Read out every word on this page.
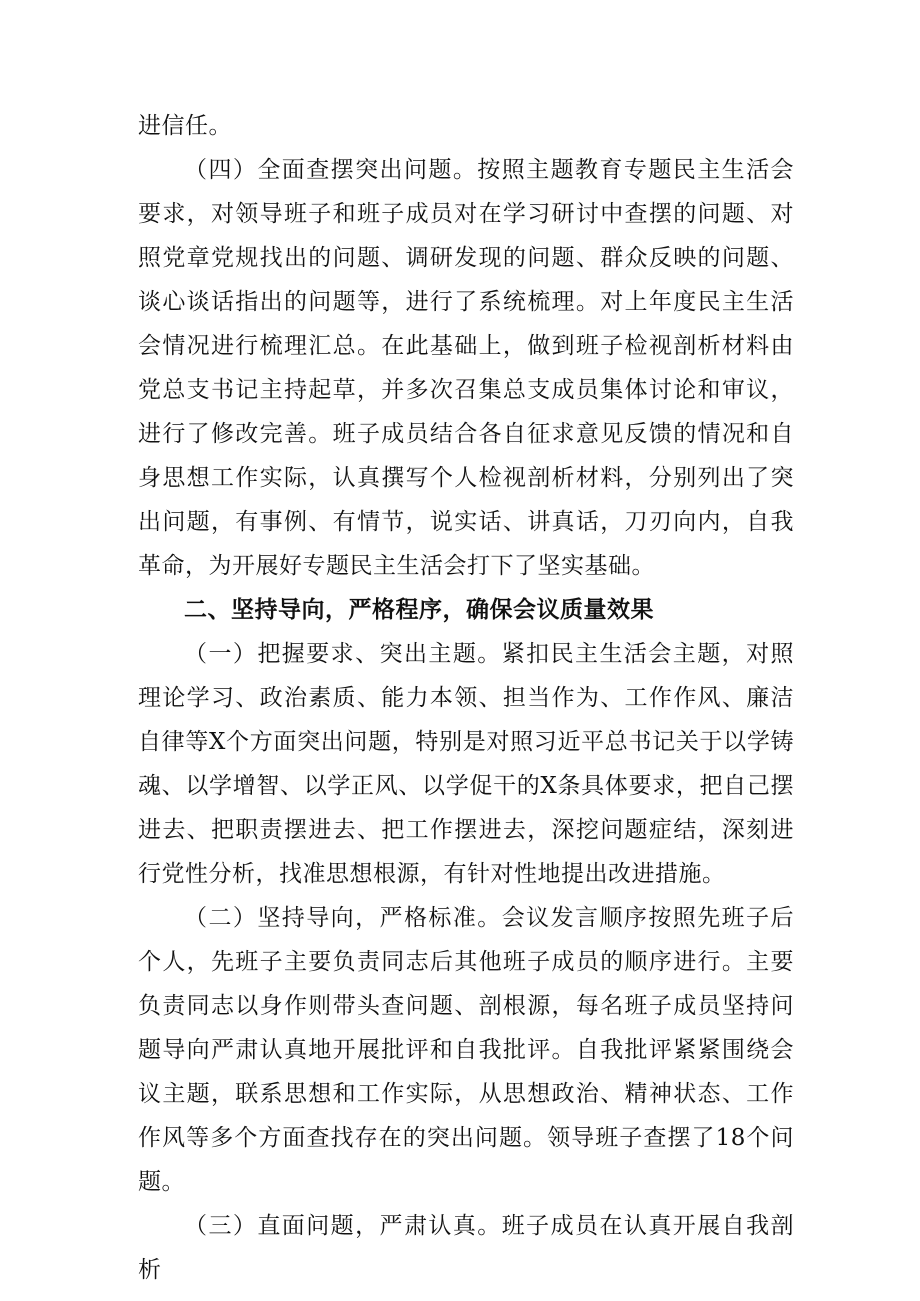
进信任。

（四）全面查摆突出问题。按照主题教育专题民主生活会要求，对领导班子和班子成员对在学习研讨中查摆的问题、对照党章党规找出的问题、调研发现的问题、群众反映的问题、谈心谈话指出的问题等，进行了系统梳理。对上年度民主生活会情况进行梳理汇总。在此基础上，做到班子检视剖析材料由党总支书记主持起草，并多次召集总支成员集体讨论和审议，进行了修改完善。班子成员结合各自征求意见反馈的情况和自身思想工作实际，认真撰写个人检视剖析材料，分别列出了突出问题，有事例、有情节，说实话、讲真话，刀刃向内，自我革命，为开展好专题民主生活会打下了坚实基础。

二、坚持导向，严格程序，确保会议质量效果

（一）把握要求、突出主题。紧扣民主生活会主题，对照理论学习、政治素质、能力本领、担当作为、工作作风、廉洁自律等X个方面突出问题，特别是对照习近平总书记关于以学铸魂、以学增智、以学正风、以学促干的X条具体要求，把自己摆进去、把职责摆进去、把工作摆进去，深挖问题症结，深刻进行党性分析，找准思想根源，有针对性地提出改进措施。

（二）坚持导向，严格标准。会议发言顺序按照先班子后个人，先班子主要负责同志后其他班子成员的顺序进行。主要负责同志以身作则带头查问题、剖根源，每名班子成员坚持问题导向严肃认真地开展批评和自我批评。自我批评紧紧围绕会议主题，联系思想和工作实际，从思想政治、精神状态、工作作风等多个方面查找存在的突出问题。领导班子查摆了18个问题。

（三）直面问题，严肃认真。班子成员在认真开展自我剖析
